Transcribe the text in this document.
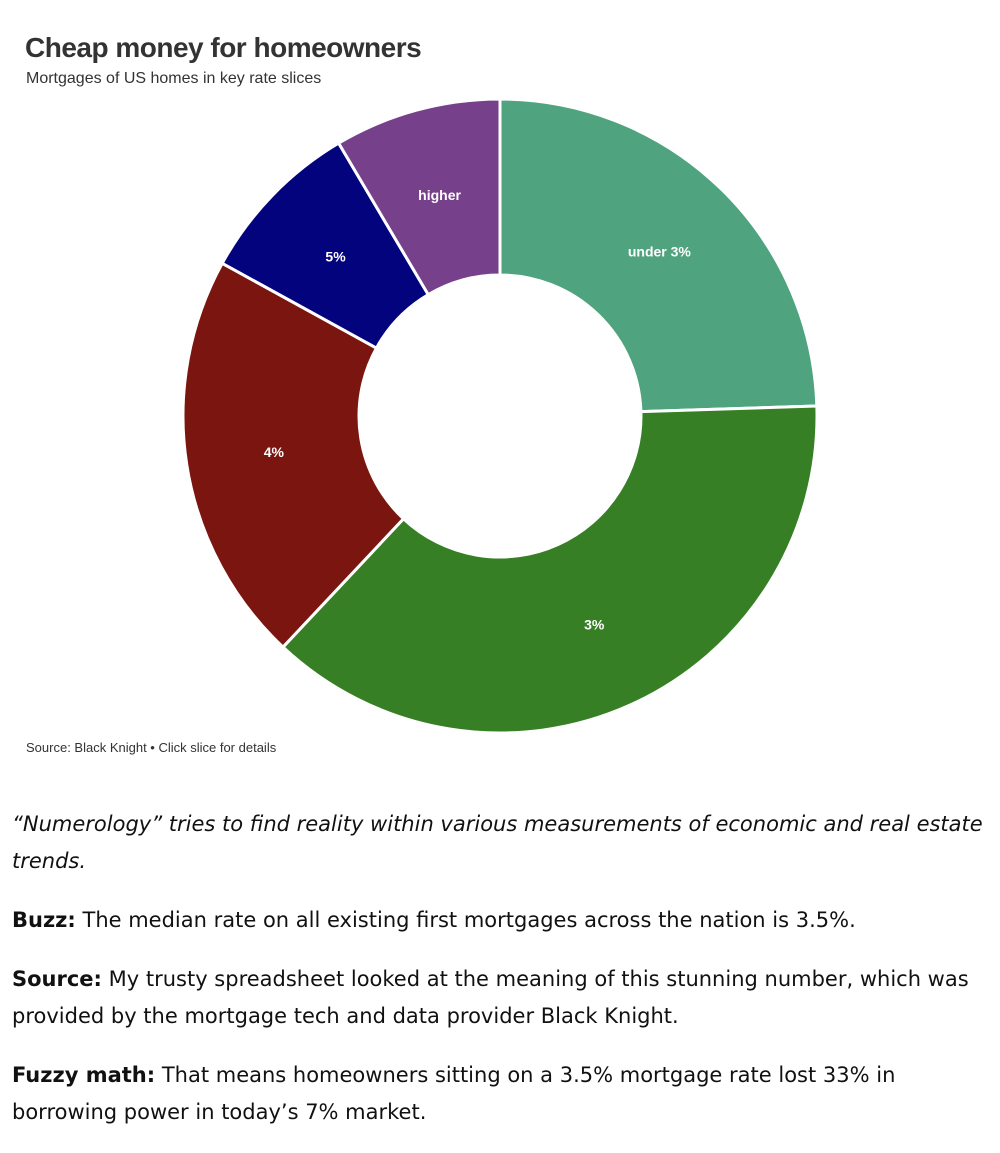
under 3%
3%
4%
5%
higher
Cheap money for homeowners
Mortgages of US homes in key rate slices
Source: Black Knight • Click slice for details

“Numerology” tries to find reality within various measurements of economic and real estate trends.

Buzz: The median rate on all existing first mortgages across the nation is 3.5%.

Source: My trusty spreadsheet looked at the meaning of this stunning number, which was provided by the mortgage tech and data provider Black Knight.

Fuzzy math: That means homeowners sitting on a 3.5% mortgage rate lost 33% in borrowing power in today’s 7% market.
